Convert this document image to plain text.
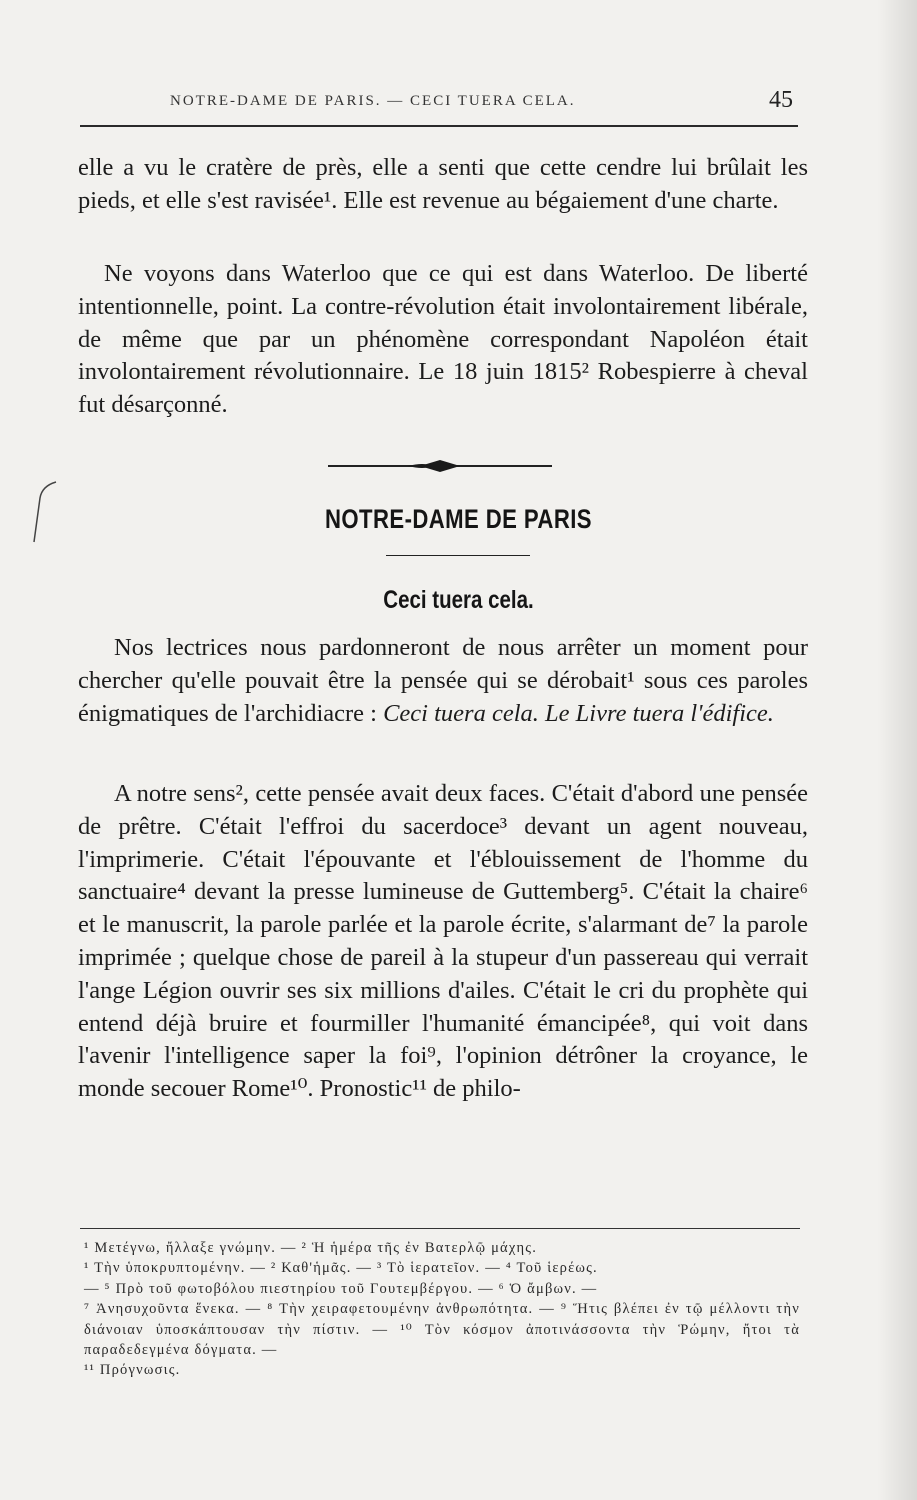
NOTRE-DAME DE PARIS. — CECI TUERA CELA.	45
elle a vu le cratère de près, elle a senti que cette cendre lui brûlait les pieds, et elle s'est ravisée¹. Elle est revenue au bégaiement d'une charte.
Ne voyons dans Waterloo que ce qui est dans Waterloo. De liberté intentionnelle, point. La contre-révolution était involontairement libérale, de même que par un phénomène correspondant Napoléon était involontairement révolutionnaire. Le 18 juin 1815² Robespierre à cheval fut désarçonné.
NOTRE-DAME DE PARIS
Ceci tuera cela.
Nos lectrices nous pardonneront de nous arrêter un moment pour chercher qu'elle pouvait être la pensée qui se dérobait¹ sous ces paroles énigmatiques de l'archidiacre : Ceci tuera cela. Le Livre tuera l'édifice.
A notre sens², cette pensée avait deux faces. C'était d'abord une pensée de prêtre. C'était l'effroi du sacerdoce³ devant un agent nouveau, l'imprimerie. C'était l'épouvante et l'éblouissement de l'homme du sanctuaire⁴ devant la presse lumineuse de Guttemberg⁵. C'était la chaire⁶ et le manuscrit, la parole parlée et la parole écrite, s'alarmant de⁷ la parole imprimée ; quelque chose de pareil à la stupeur d'un passereau qui verrait l'ange Légion ouvrir ses six millions d'ailes. C'était le cri du prophète qui entend déjà bruire et fourmiller l'humanité émancipée⁸, qui voit dans l'avenir l'intelligence saper la foi⁹, l'opinion détrôner la croyance, le monde secouer Rome¹⁰. Pronostic¹¹ de philo-
¹ Μετέγνω, ἤλλαξε γνώμην. — ² Ἡ ἡμέρα τῆς ἐν Βατερλῷ μάχης.
¹ Τὴν ὑποκρυπτομένην. — ² Καθ'ἡμᾶς. — ³ Τὸ ἱερατεῖον. — ⁴ Τοῦ ἱερέως.
— ⁵ Πρὸ τοῦ φωτοβόλου πιεστηρίου τοῦ Γουτεμβέργου. — ⁶ Ὁ ἄμβων. —
⁷ Ἀνησυχοῦντα ἕνεκα. — ⁸ Τὴν χειραφετουμένην ἀνθρωπότητα. — ⁹ Ἥτις βλέπει ἐν τῷ μέλλοντι τὴν διάνοιαν ὑποσκάπτουσαν τὴν πίστιν. — ¹⁰ Τὸν κόσμον ἀποτινάσσοντα τὴν Ῥώμην, ἤτοι τὰ παραδεδεγμένα δόγματα. —
¹¹ Πρόγνωσις.
